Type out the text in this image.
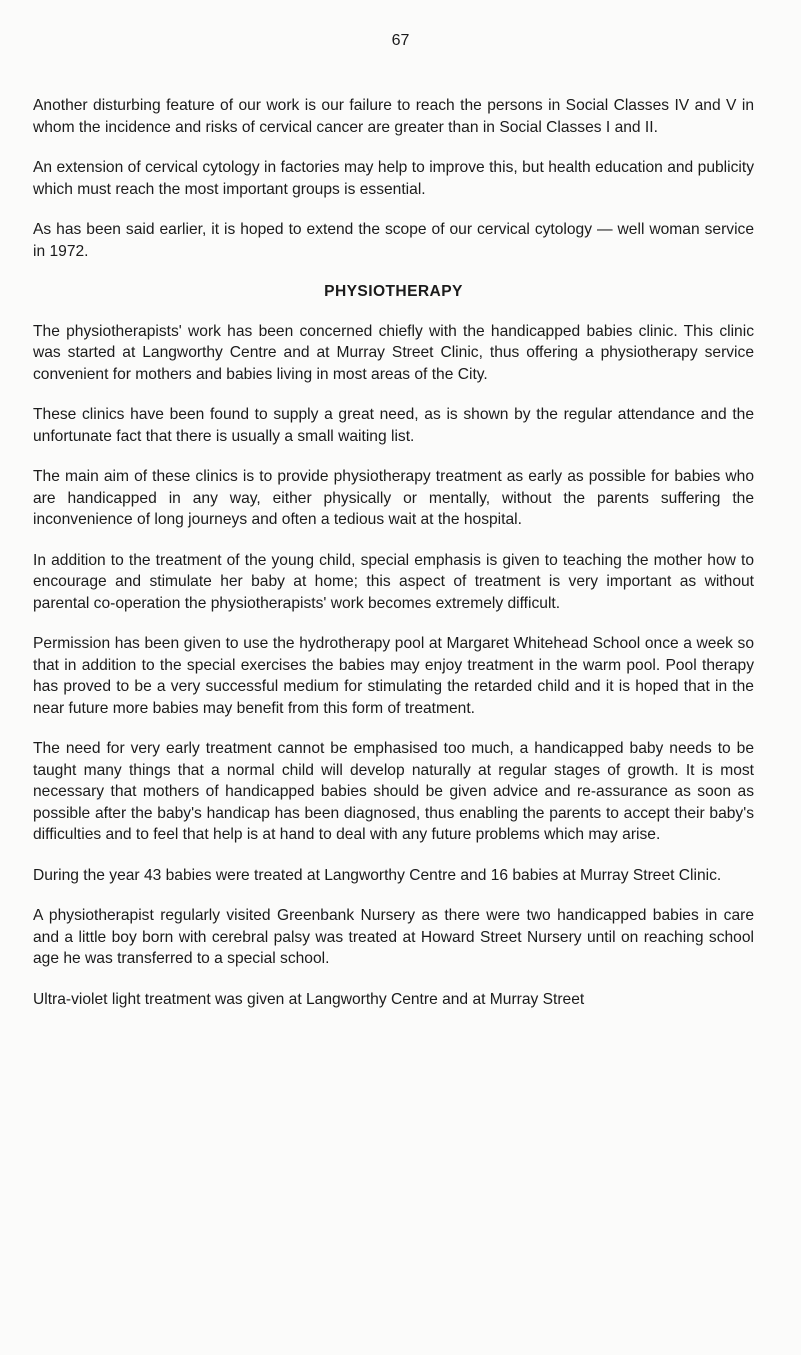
67

Another disturbing feature of our work is our failure to reach the persons in Social Classes IV and V in whom the incidence and risks of cervical cancer are greater than in Social Classes I and II.

An extension of cervical cytology in factories may help to improve this, but health education and publicity which must reach the most important groups is essential.

As has been said earlier, it is hoped to extend the scope of our cervical cytology — well woman service in 1972.

PHYSIOTHERAPY

The physiotherapists' work has been concerned chiefly with the handicapped babies clinic. This clinic was started at Langworthy Centre and at Murray Street Clinic, thus offering a physiotherapy service convenient for mothers and babies living in most areas of the City.

These clinics have been found to supply a great need, as is shown by the regular attendance and the unfortunate fact that there is usually a small waiting list.

The main aim of these clinics is to provide physiotherapy treatment as early as possible for babies who are handicapped in any way, either physically or mentally, without the parents suffering the inconvenience of long journeys and often a tedious wait at the hospital.

In addition to the treatment of the young child, special emphasis is given to teaching the mother how to encourage and stimulate her baby at home; this aspect of treatment is very important as without parental co-operation the physiotherapists' work becomes extremely difficult.

Permission has been given to use the hydrotherapy pool at Margaret Whitehead School once a week so that in addition to the special exercises the babies may enjoy treatment in the warm pool. Pool therapy has proved to be a very successful medium for stimulating the retarded child and it is hoped that in the near future more babies may benefit from this form of treatment.

The need for very early treatment cannot be emphasised too much, a handicapped baby needs to be taught many things that a normal child will develop naturally at regular stages of growth. It is most necessary that mothers of handicapped babies should be given advice and re-assurance as soon as possible after the baby's handicap has been diagnosed, thus enabling the parents to accept their baby's difficulties and to feel that help is at hand to deal with any future problems which may arise.

During the year 43 babies were treated at Langworthy Centre and 16 babies at Murray Street Clinic.

A physiotherapist regularly visited Greenbank Nursery as there were two handicapped babies in care and a little boy born with cerebral palsy was treated at Howard Street Nursery until on reaching school age he was transferred to a special school.

Ultra-violet light treatment was given at Langworthy Centre and at Murray Street
